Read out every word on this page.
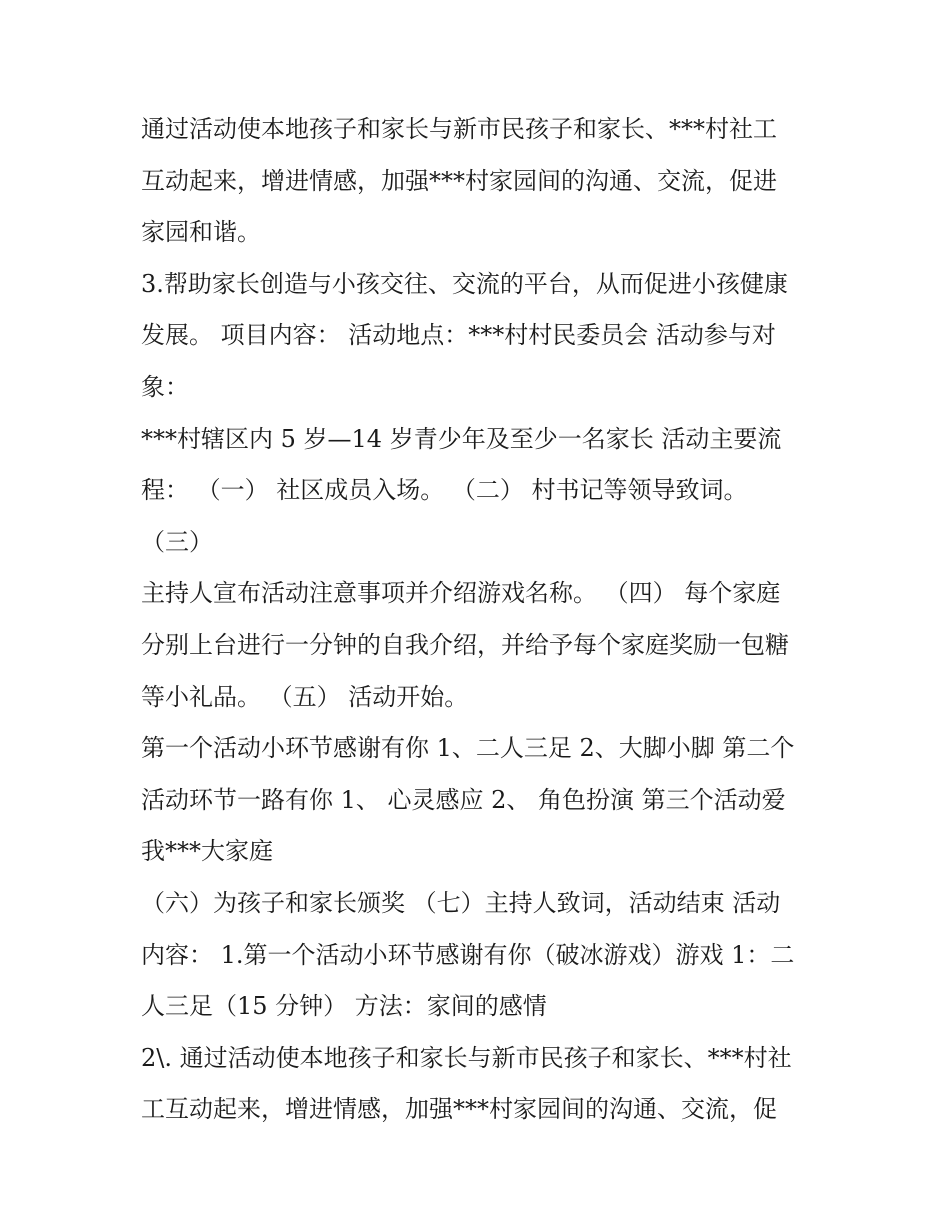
通过活动使本地孩子和家长与新市民孩子和家长、***村社工
互动起来，增进情感，加强***村家园间的沟通、交流，促进
家园和谐。
3.帮助家长创造与小孩交往、交流的平台，从而促进小孩健康
发展。 项目内容： 活动地点：***村村民委员会 活动参与对
象：
***村辖区内 5 岁—14 岁青少年及至少一名家长 活动主要流
程： （一） 社区成员入场。 （二） 村书记等领导致词。
（三）
主持人宣布活动注意事项并介绍游戏名称。 （四） 每个家庭
分别上台进行一分钟的自我介绍，并给予每个家庭奖励一包糖
等小礼品。 （五） 活动开始。
第一个活动小环节感谢有你 1、二人三足 2、大脚小脚 第二个
活动环节一路有你 1、 心灵感应 2、 角色扮演 第三个活动爱
我***大家庭
（六）为孩子和家长颁奖 （七）主持人致词，活动结束 活动
内容： 1.第一个活动小环节感谢有你（破冰游戏）游戏 1：二
人三足（15 分钟） 方法：家间的感情
2\. 通过活动使本地孩子和家长与新市民孩子和家长、***村社
工互动起来，增进情感，加强***村家园间的沟通、交流，促
